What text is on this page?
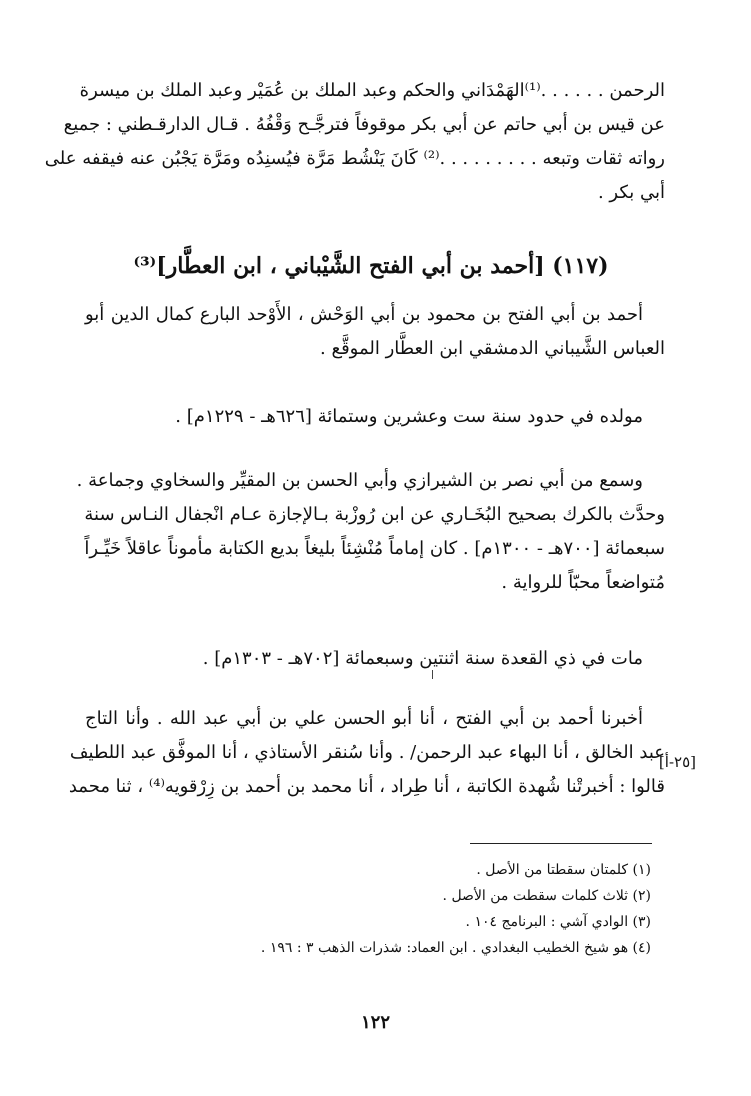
الرحمن . . . . . .⁽¹⁾الهَمْدَاني والحكم وعبد الملك بن عُمَيْر وعبد الملك بن ميسرة
عن قيس بن أبي حاتم عن أبي بكر موقوفاً فترجَّـح وَقْفُهُ . قـال الدارقـطني : جميع
رواته ثقات وتبعه . . . . . . . . .⁽²⁾ كَانَ يَنْشُط مَرَّة فيُسنِدُه ومَرَّة يَجْبُن عنه فيقفه على
أبي بكر .
(١١٧) [أحمد بن أبي الفتح الشَّيْباني ، ابن العطَّار]⁽³⁾
أحمد بن أبي الفتح بن محمود بن أبي الوَحْش ، الأَوْحد البارع كمال الدين أبو
العباس الشَّيباني الدمشقي ابن العطَّار الموقَّع .
مولده في حدود سنة ست وعشرين وستمائة [٦٢٦هـ - ١٢٢٩م] .
وسمع من أبي نصر بن الشيرازي وأبي الحسن بن المقيِّر والسخاوي وجماعة .
وحدَّث بالكرك بصحيح البُخَـاري عن ابن رُوزْبة بـالإجازة عـام انْجفال النـاس سنة
سبعمائة [٧٠٠هـ - ١٣٠٠م] . كان إماماً مُنْشِئاً بليغاً بديع الكتابة مأموناً عاقلاً خَيِّـراً
مُتواضعاً محبّاً للرواية .
مات في ذي القعدة سنة اثنتين وسبعمائة [٧٠٢هـ - ١٣٠٣م] .
أخبرنا أحمد بن أبي الفتح ، أنا أبو الحسن علي بن أبي عبد الله . وأنا التاج
عبد الخالق ، أنا البهاء عبد الرحمن/ . وأنا سُنقر الأستاذي ، أنا الموفَّق عبد اللطيف
قالوا : أخبرتْنا شُهدة الكاتبة ، أنا طِراد ، أنا محمد بن أحمد بن زِرْقويه⁽⁴⁾ ، ثنا محمد
[٢٥-أ]
(١) كلمتان سقطتا من الأصل .
(٢) ثلاث كلمات سقطت من الأصل .
(٣) الوادي آشي : البرنامج ١٠٤ .
(٤) هو شيخ الخطيب البغدادي . ابن العماد: شذرات الذهب ٣ : ١٩٦ .
١٢٢
